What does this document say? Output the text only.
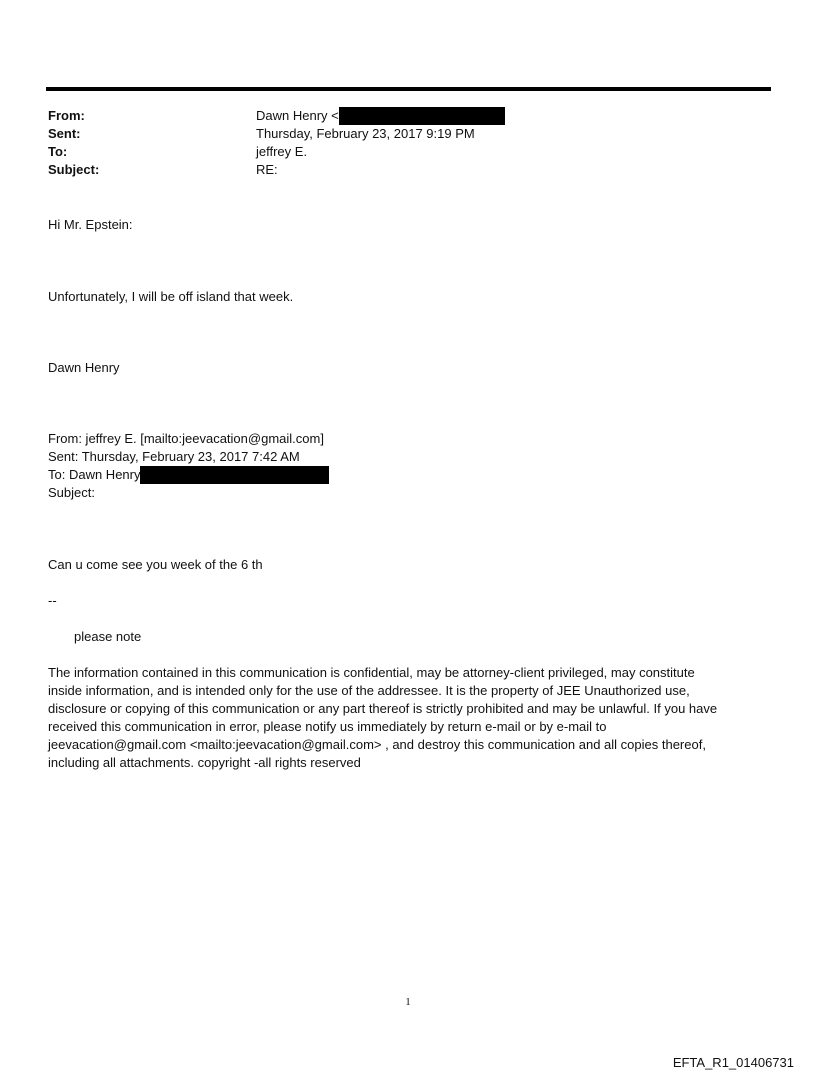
From:	Dawn Henry <
Sent:	Thursday, February 23, 2017 9:19 PM
To:	jeffrey E.
Subject:	RE:
Hi Mr. Epstein:
Unfortunately, I will be off island that week.
Dawn Henry
From: jeffrey E. [mailto:jeevacation@gmail.com]
Sent: Thursday, February 23, 2017 7:42 AM
To: Dawn Henry
Subject:
Can u come see you week of the 6 th
--
please note
The information contained in this communication is confidential, may be attorney-client privileged, may constitute
inside information, and is intended only for the use of the addressee. It is the property of JEE Unauthorized use,
disclosure or copying of this communication or any part thereof is strictly prohibited and may be unlawful. If you have
received this communication in error, please notify us immediately by return e-mail or by e-mail to
jeevacation@gmail.com <mailto:jeevacation@gmail.com> , and destroy this communication and all copies thereof,
including all attachments. copyright -all rights reserved
1
EFTA_R1_01406731
